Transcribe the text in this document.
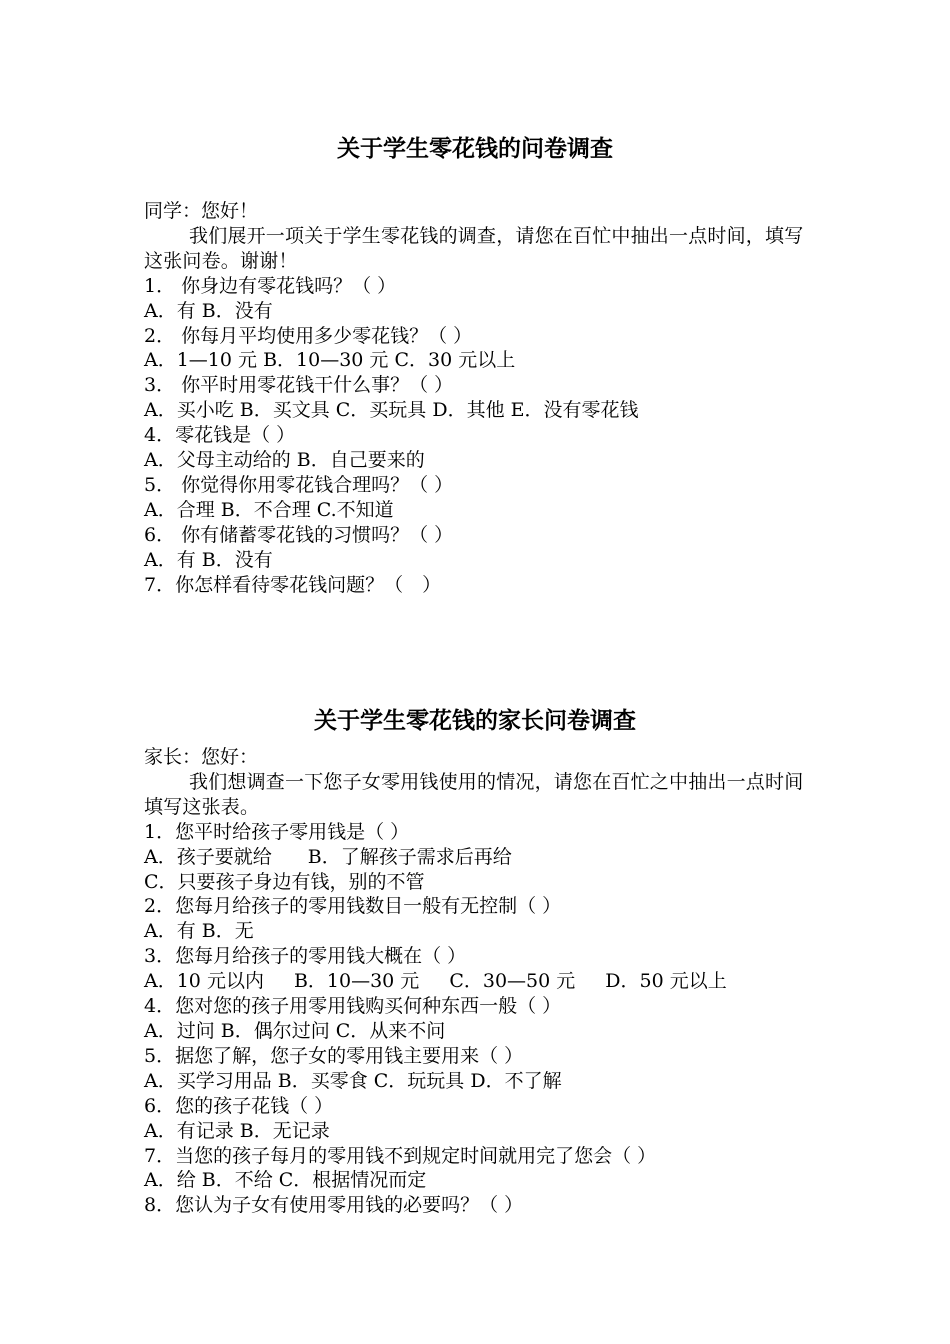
关于学生零花钱的问卷调查
同学：您好！
我们展开一项关于学生零花钱的调查，请您在百忙中抽出一点时间，填写这张问卷。谢谢！
1． 你身边有零花钱吗？（ ）
A．有 B．没有
2． 你每月平均使用多少零花钱？（ ）
A．1—10 元 B．10—30 元 C．30 元以上
3． 你平时用零花钱干什么事？（ ）
A．买小吃 B．买文具 C．买玩具 D．其他 E．没有零花钱
4．零花钱是（ ）
A．父母主动给的 B．自己要来的
5． 你觉得你用零花钱合理吗？（ ）
A．合理 B．不合理 C.不知道
6． 你有储蓄零花钱的习惯吗？（ ）
A．有 B．没有
7．你怎样看待零花钱问题？（　）
关于学生零花钱的家长问卷调查
家长：您好：
我们想调查一下您子女零用钱使用的情况，请您在百忙之中抽出一点时间填写这张表。
1．您平时给孩子零用钱是（ ）
A．孩子要就给 B．了解孩子需求后再给
C．只要孩子身边有钱，别的不管
2．您每月给孩子的零用钱数目一般有无控制（ ）
A．有 B．无
3．您每月给孩子的零用钱大概在（ ）
A．10 元以内 B．10—30 元 C．30—50 元 D．50 元以上
4．您对您的孩子用零用钱购买何种东西一般（ ）
A．过问 B．偶尔过问 C．从来不问
5．据您了解，您子女的零用钱主要用来（ ）
A．买学习用品 B．买零食 C．玩玩具 D．不了解
6．您的孩子花钱（ ）
A．有记录 B．无记录
7．当您的孩子每月的零用钱不到规定时间就用完了您会（ ）
A．给 B．不给 C．根据情况而定
8．您认为子女有使用零用钱的必要吗？（ ）
